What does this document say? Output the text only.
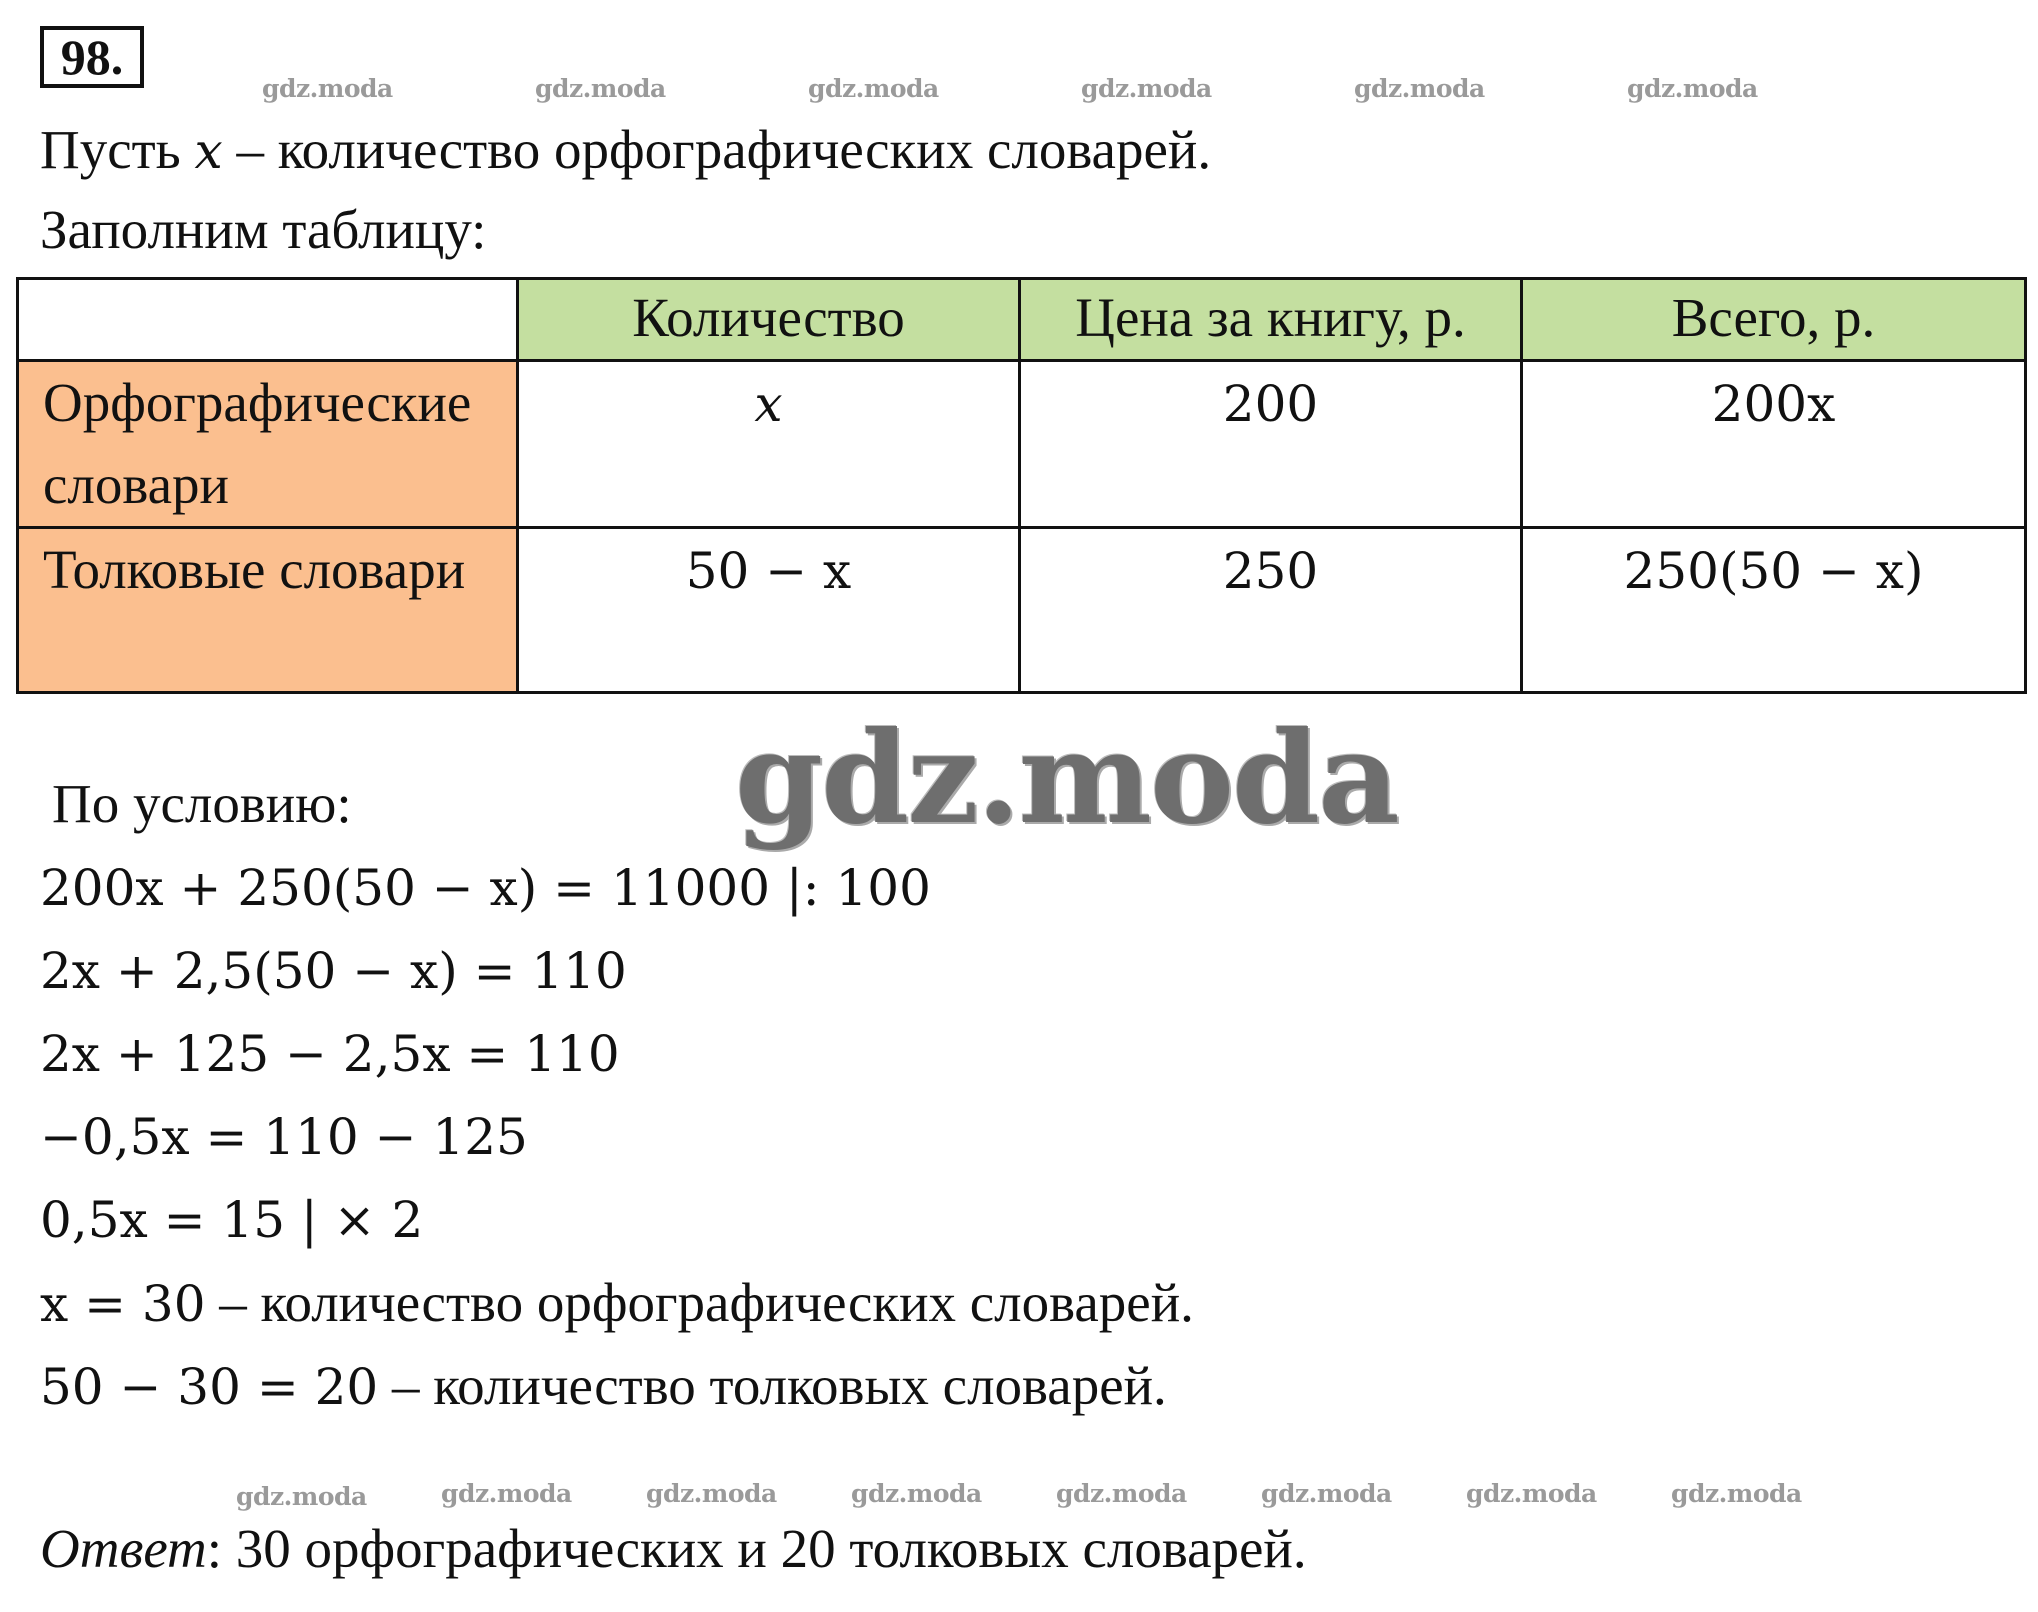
98.
gdz.moda	gdz.moda	gdz.moda	gdz.moda	gdz.moda	gdz.moda
Пусть x – количество орфографических словарей.
Заполним таблицу:
	Количество	Цена за книгу, р.	Всего, р.
Орфографические словари	x	200	200x
Толковые словари	50 − x	250	250(50 − x)
По условию:	gdz.moda
200x + 250(50 − x) = 11000 |: 100
2x + 2,5(50 − x) = 110
2x + 125 − 2,5x = 110
−0,5x = 110 − 125
0,5x = 15 | × 2
x = 30 – количество орфографических словарей.
50 − 30 = 20 – количество толковых словарей.
gdz.moda	gdz.moda	gdz.moda	gdz.moda	gdz.moda	gdz.moda	gdz.moda	gdz.moda
Ответ: 30 орфографических и 20 толковых словарей.
